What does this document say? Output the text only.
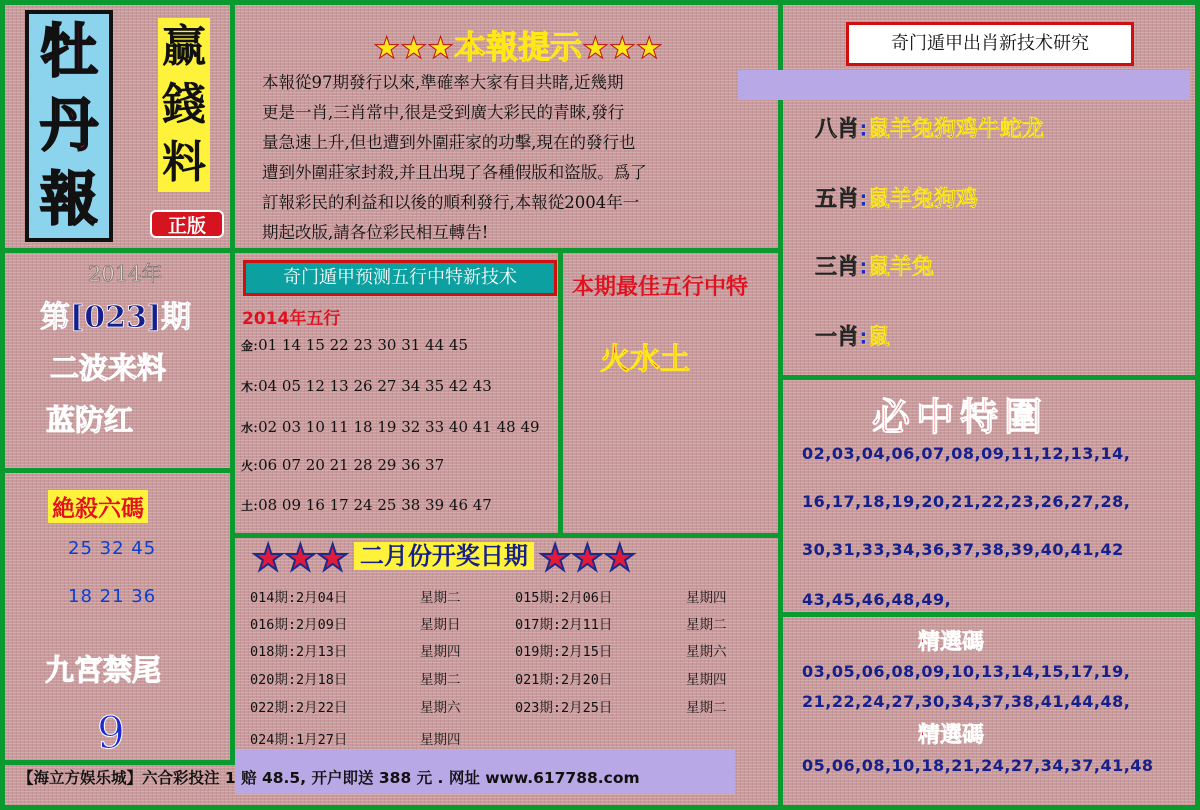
牡
丹
報
赢
錢
料
正版
★★★本報提示★★★
本報從97期發行以來,準確率大家有目共睹,近幾期
更是一肖,三肖常中,很是受到廣大彩民的青睞,發行
量急速上升,但也遭到外圍莊家的功擊,現在的發行也
遭到外圍莊家封殺,并且出現了各種假版和盜版。爲了
訂報彩民的利益和以後的順利發行,本報從2004年一
期起改版,請各位彩民相互轉告!
2014年
第[023]期
二波来料
蓝防红
絶殺六碼
25 32 45
18 21 36
九宮禁尾
9
奇门遁甲预测五行中特新技术
2014年五行
金:01 14 15 22 23 30 31 44 45
木:04 05 12 13 26 27 34 35 42 43
水:02 03 10 11 18 19 32 33 40 41 48 49
火:06 07 20 21 28 29 36 37
土:08 09 16 17 24 25 38 39 46 47
本期最佳五行中特
火水土
奇门遁甲出肖新技术研究
八肖:鼠羊兔狗鸡牛蛇龙
五肖:鼠羊兔狗鸡
三肖:鼠羊兔
一肖:鼠
必中特圍
02,03,04,06,07,08,09,11,12,13,14,
16,17,18,19,20,21,22,23,26,27,28,
30,31,33,34,36,37,38,39,40,41,42
43,45,46,48,49,
精選碼
03,05,06,08,09,10,13,14,15,17,19,
21,22,24,27,30,34,37,38,41,44,48,
精選碼
05,06,08,10,18,21,24,27,34,37,41,48
★★★ 二月份开奖日期 ★★★
014期:2月04日	星期二	015期:2月06日	星期四
016期:2月09日	星期日	017期:2月11日	星期二
018期:2月13日	星期四	019期:2月15日	星期六
020期:2月18日	星期二	021期:2月20日	星期四
022期:2月22日	星期六	023期:2月25日	星期二
024期:1月27日	星期四
【海立方娱乐城】六合彩投注 1 赔 48.5, 开户即送 388 元 . 网址 www.617788.com
